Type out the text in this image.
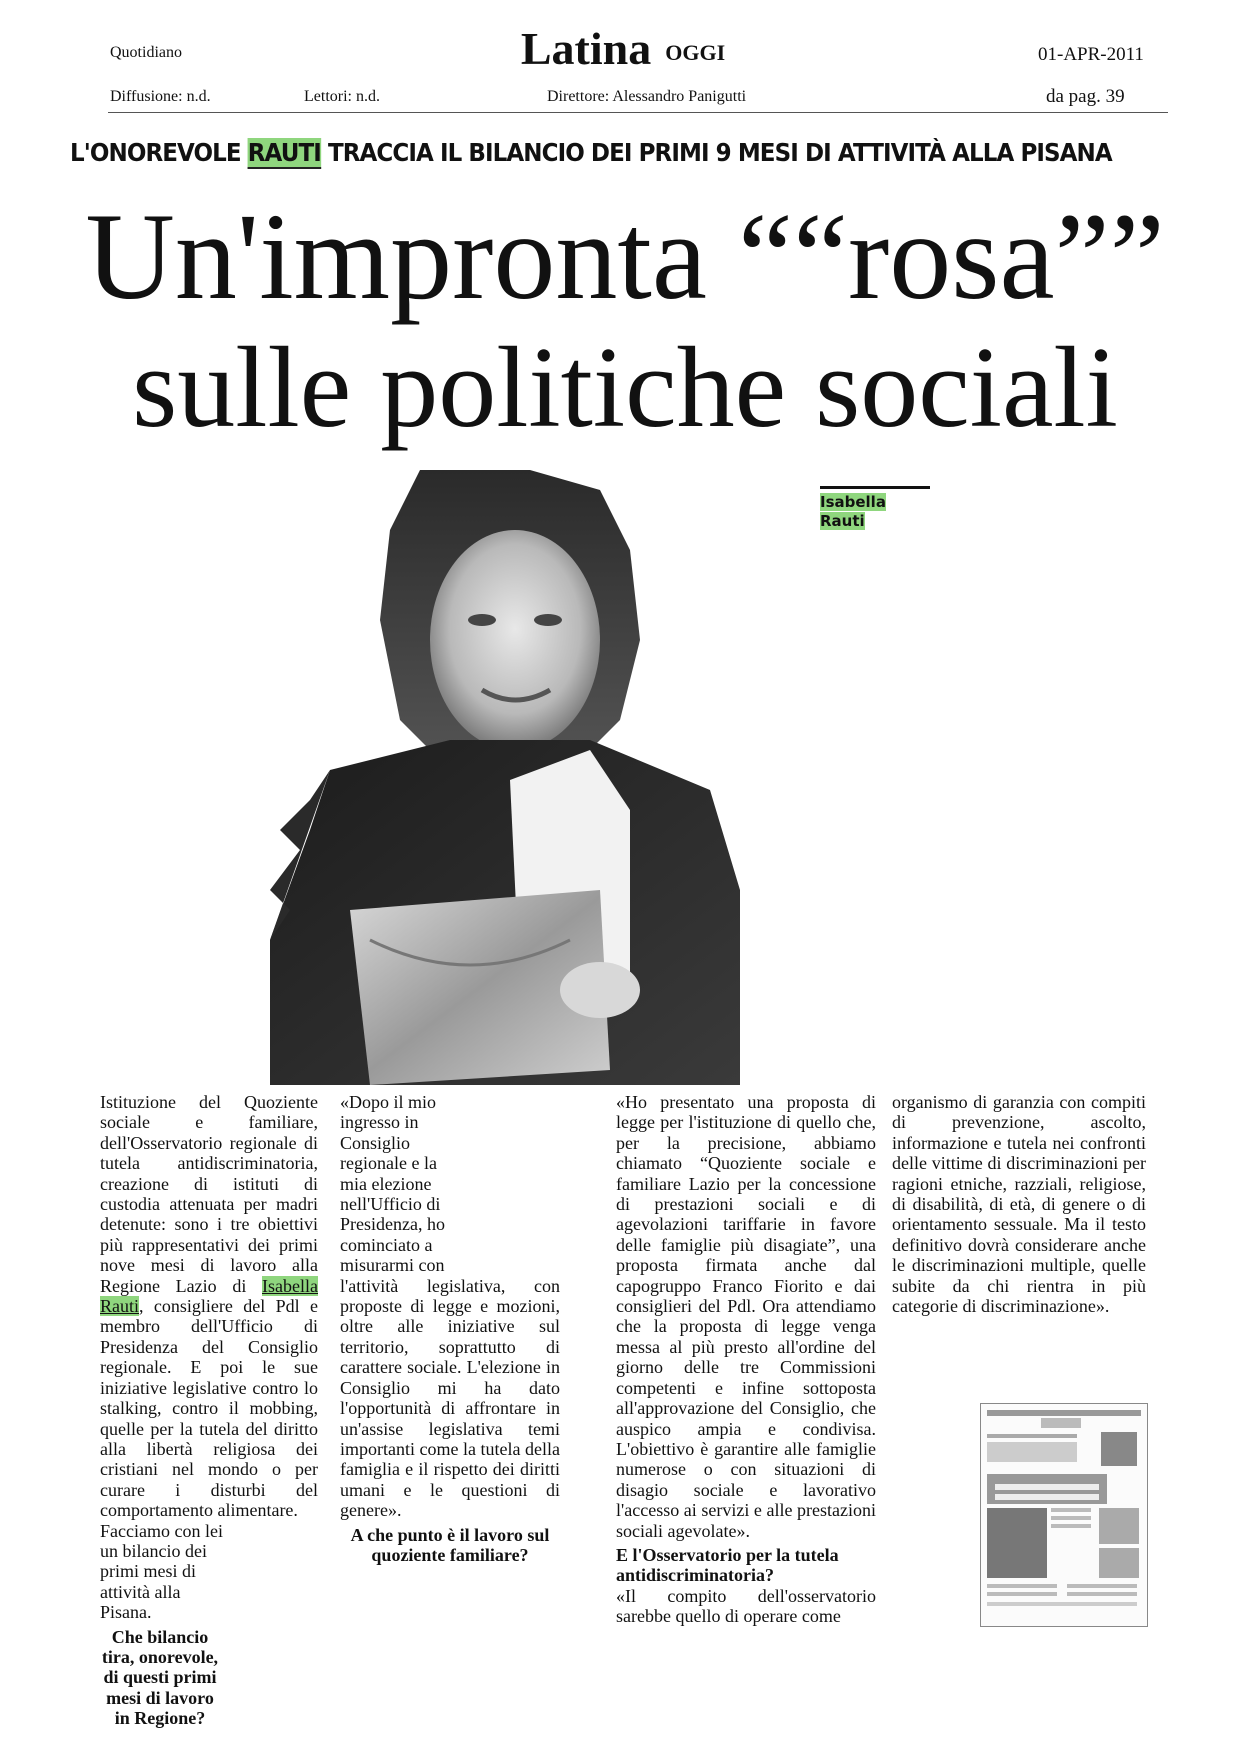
Quotidiano	Latina OGGI	01-APR-2011
Diffusione: n.d.	Lettori: n.d.	Direttore: Alessandro Panigutti	da pag. 39
L'ONOREVOLE RAUTI TRACCIA IL BILANCIO DEI PRIMI 9 MESI DI ATTIVITÀ ALLA PISANA
Un'impronta ““rosa””
sulle politiche sociali
Isabella
Rauti

Istituzione del Quoziente sociale e familiare, dell'Osservatorio regionale di tutela antidiscriminatoria, creazione di istituti di custodia attenuata per madri detenute: sono i tre obiettivi più rappresentativi dei primi nove mesi di lavoro alla Regione Lazio di Isabella Rauti, consigliere del Pdl e membro dell'Ufficio di Presidenza del Consiglio regionale. E poi le sue iniziative legislative contro lo stalking, contro il mobbing, quelle per la tutela del diritto alla libertà religiosa dei cristiani nel mondo o per curare i disturbi del comportamento alimentare.

Facciamo con lei un bilancio dei primi mesi di attività alla Pisana.

Che bilancio tira, onorevole, di questi primi mesi di lavoro in Regione?

«Dopo il mio ingresso in Consiglio regionale e la mia elezione nell'Ufficio di Presidenza, ho cominciato a misurarmi con

l'attività legislativa, con proposte di legge e mozioni, oltre alle iniziative sul territorio, soprattutto di carattere sociale. L'elezione in Consiglio mi ha dato l'opportunità di affrontare in un'assise legislativa temi importanti come la tutela della famiglia e il rispetto dei diritti umani e le questioni di genere».

A che punto è il lavoro sul quoziente familiare?

«Ho presentato una proposta di legge per l'istituzione di quello che, per la precisione, abbiamo chiamato “Quoziente sociale e familiare Lazio per la concessione di prestazioni sociali e di agevolazioni tariffarie in favore delle famiglie più disagiate”, una proposta firmata anche dal capogruppo Franco Fiorito e dai consiglieri del Pdl. Ora attendiamo che la proposta di legge venga messa al più presto all'ordine del giorno delle tre Commissioni competenti e infine sottoposta all'approvazione del Consiglio, che auspico ampia e condivisa. L'obiettivo è garantire alle famiglie numerose o con situazioni di disagio sociale e lavorativo l'accesso ai servizi e alle prestazioni sociali agevolate».

E l'Osservatorio per la tutela antidiscriminatoria?

«Il compito dell'osservatorio sarebbe quello di operare come

organismo di garanzia con compiti di prevenzione, ascolto, informazione e tutela nei confronti delle vittime di discriminazioni per ragioni etniche, razziali, religiose, di disabilità, di età, di genere o di orientamento sessuale. Ma il testo definitivo dovrà considerare anche le discriminazioni multiple, quelle subite da chi rientra in più categorie di discriminazione».
